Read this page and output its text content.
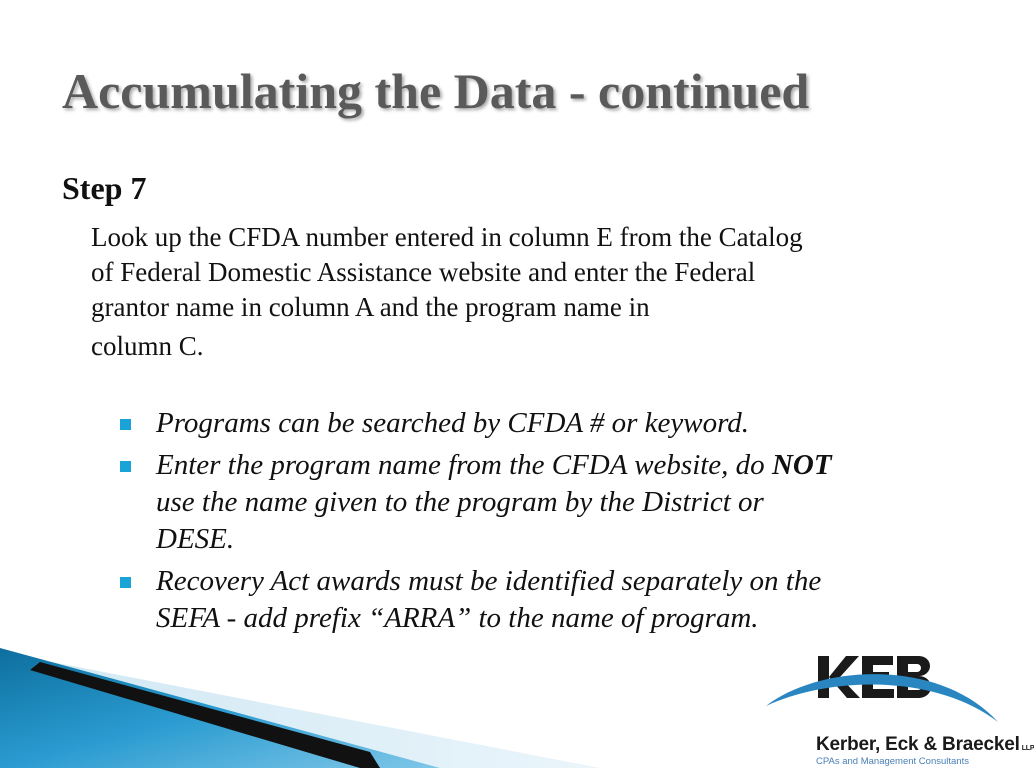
Accumulating the Data - continued
Step 7
Look up the CFDA number entered in column E from the Catalog
of Federal Domestic Assistance website and enter the Federal
grantor name in column A and the program name in
column C.
Programs can be searched by CFDA # or keyword.
Enter the program name from the CFDA website, do NOT
use the name given to the program by the District or
DESE.
Recovery Act awards must be identified separately on the
SEFA - add prefix “ARRA” to the name of program.
Kerber, Eck & Braeckel LLP
CPAs and Management Consultants
